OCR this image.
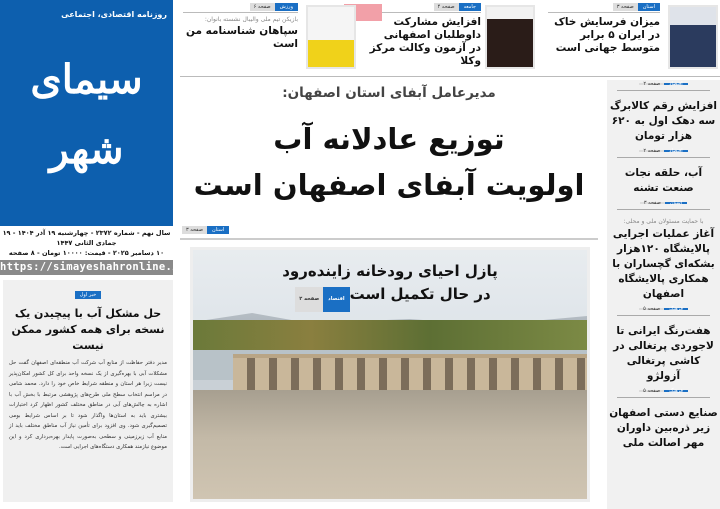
روزنامه اقتصادی، اجتماعی
سیمای شهر
سال نهم - شماره ۲۳۷۲ - چهارشنبه ۱۹ آذر ۱۴۰۴ - ۱۹ جمادی الثانی ۱۴۴۷
۱۰ دسامبر ۲۰۲۵ - قیمت: ۱۰۰۰۰ تومان - ۸ صفحه
https://simayeshahronline.ir
خبر اول
حل مشکل آب با پیچیدن یک نسخه برای همه کشور ممکن نیست
مدیر دفتر حفاظت از منابع آب شرکت آب منطقه‌ای اصفهان گفت حل مشکلات آبی با بهره‌گیری از یک نسخه واحد برای کل کشور امکان‌پذیر نیست زیرا هر استان و منطقه شرایط خاص خود را دارد. محمد شامی در مراسم انتخاب سطح ملی طرح‌های پژوهشی مرتبط با بخش آب با اشاره به چالش‌های آبی در مناطق مختلف کشور اظهار کرد اختیارات بیشتری باید به استان‌ها واگذار شود تا بر اساس شرایط بومی تصمیم‌گیری شود. وی افزود برای تأمین نیاز آب مناطق مختلف باید از منابع آب زیرزمینی و سطحی به‌صورت پایدار بهره‌برداری کرد و این موضوع نیازمند همکاری دستگاه‌های اجرایی است.
استانصفحه ۳
میزان فرسایش خاک در ایران ۵ برابر متوسط جهانی است
جامعهصفحه ۴
افزایش مشارکت داوطلبان اصفهانی در آزمون وکالت مرکز وکلا
ورزشصفحه ۶
بازیکن تیم ملی والیبال نشسته بانوان:
سپاهان شناسنامه من است
مدیرعامل آبفای استان اصفهان:
توزیع عادلانه آب
اولویت آبفای اصفهان است
صفحه ۳ استان
پازل احیای رودخانه زاینده‌رود
در حال تکمیل است اقتصادصفحه ۲
$^{اقتصادصفحه ۲}$
افزایش رقم کالابرگ سه دهک اول به ۶۲۰ هزار تومان
$^{اقتصادصفحه ۲}$
آب، حلقه نجات صنعت تشنه
$^{استانصفحه ۳}$
با حمایت مسئولان ملی و محلی:
آغاز عملیات اجرایی پالایشگاه ۱۲۰هزار بشکه‌ای گچساران با همکاری پالایشگاه اصفهان
$^{فرهنگصفحه ۵}$
هفت‌رنگ ایرانی تا لاجوردی پرتغالی در کاشی پرتغالی آزولژو
$^{فرهنگصفحه ۵}$
صنایع دستی اصفهان زیر ذره‌بین داوران مهر اصالت ملی
